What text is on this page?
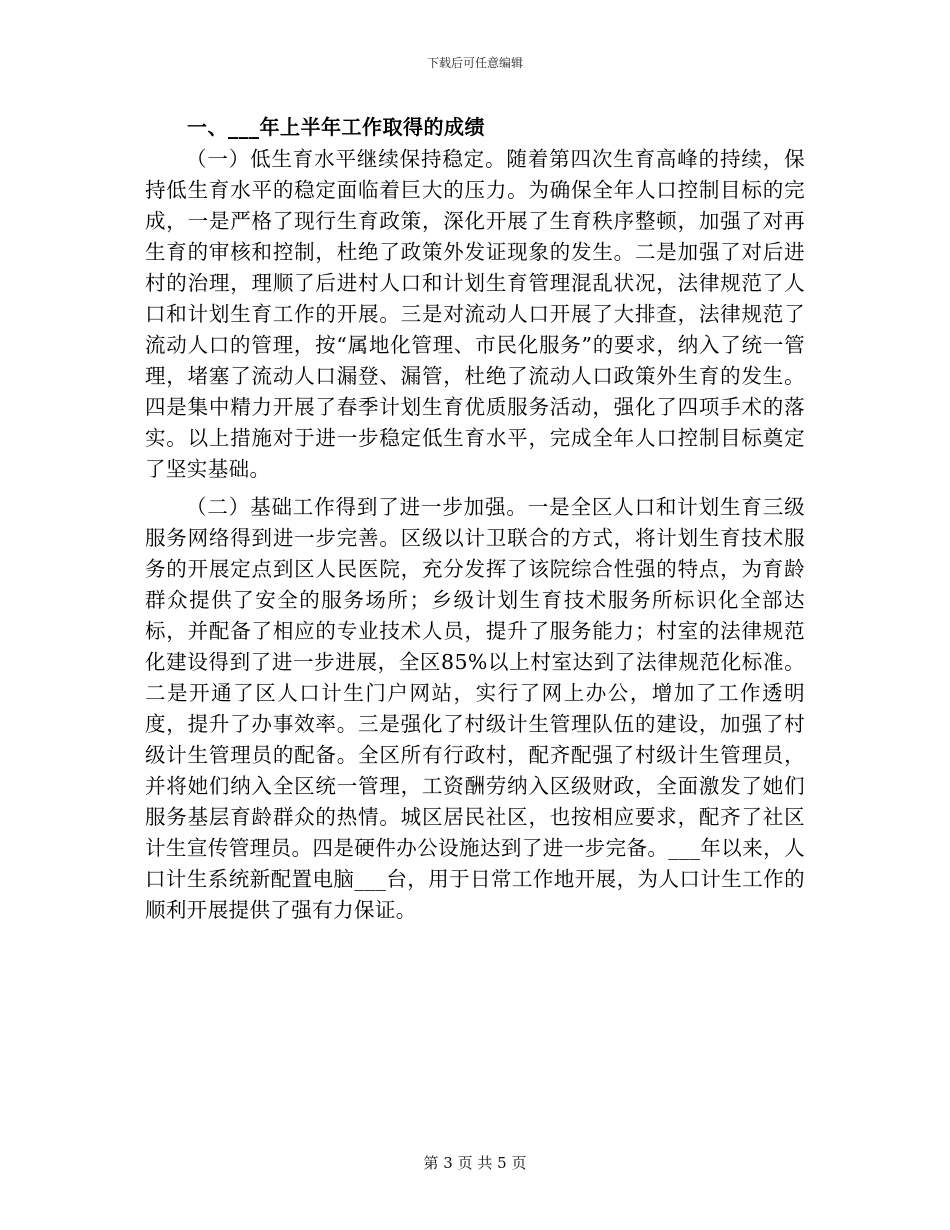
下载后可任意编辑
一、___年上半年工作取得的成绩

（一）低生育水平继续保持稳定。随着第四次生育高峰的持续，保持低生育水平的稳定面临着巨大的压力。为确保全年人口控制目标的完成，一是严格了现行生育政策，深化开展了生育秩序整顿，加强了对再生育的审核和控制，杜绝了政策外发证现象的发生。二是加强了对后进村的治理，理顺了后进村人口和计划生育管理混乱状况，法律规范了人口和计划生育工作的开展。三是对流动人口开展了大排查，法律规范了流动人口的管理，按“属地化管理、市民化服务”的要求，纳入了统一管理，堵塞了流动人口漏登、漏管，杜绝了流动人口政策外生育的发生。四是集中精力开展了春季计划生育优质服务活动，强化了四项手术的落实。以上措施对于进一步稳定低生育水平，完成全年人口控制目标奠定了坚实基础。

（二）基础工作得到了进一步加强。一是全区人口和计划生育三级服务网络得到进一步完善。区级以计卫联合的方式，将计划生育技术服务的开展定点到区人民医院，充分发挥了该院综合性强的特点，为育龄群众提供了安全的服务场所；乡级计划生育技术服务所标识化全部达标，并配备了相应的专业技术人员，提升了服务能力；村室的法律规范化建设得到了进一步进展，全区85%以上村室达到了法律规范化标准。二是开通了区人口计生门户网站，实行了网上办公，增加了工作透明度，提升了办事效率。三是强化了村级计生管理队伍的建设，加强了村级计生管理员的配备。全区所有行政村，配齐配强了村级计生管理员，并将她们纳入全区统一管理，工资酬劳纳入区级财政，全面激发了她们服务基层育龄群众的热情。城区居民社区，也按相应要求，配齐了社区计生宣传管理员。四是硬件办公设施达到了进一步完备。___年以来，人口计生系统新配置电脑___台，用于日常工作地开展，为人口计生工作的顺利开展提供了强有力保证。

第 3 页 共 5 页
